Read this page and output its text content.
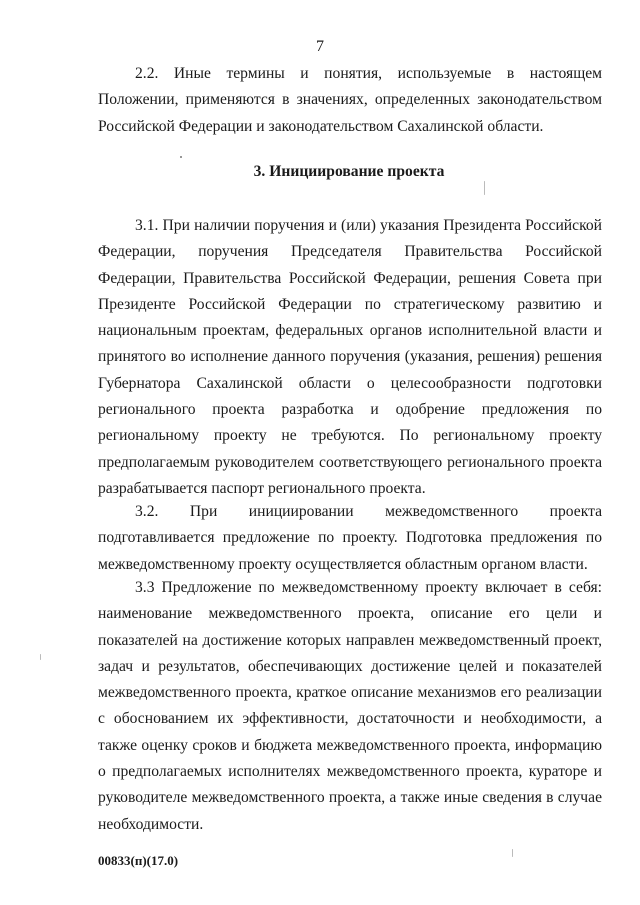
7

2.2. Иные термины и понятия, используемые в настоящем Положении, применяются в значениях, определенных законодательством Российской Федерации и законодательством Сахалинской области.

3. Инициирование проекта

3.1. При наличии поручения и (или) указания Президента Российской Федерации, поручения Председателя Правительства Российской Федерации, Правительства Российской Федерации, решения Совета при Президенте Российской Федерации по стратегическому развитию и национальным проектам, федеральных органов исполнительной власти и принятого во исполнение данного поручения (указания, решения) решения Губернатора Сахалинской области о целесообразности подготовки регионального проекта разработка и одобрение предложения по региональному проекту не требуются. По региональному проекту предполагаемым руководителем соответствующего регионального проекта разрабатывается паспорт регионального проекта.

3.2. При инициировании межведомственного проекта подготавливается предложение по проекту. Подготовка предложения по межведомственному проекту осуществляется областным органом власти.

3.3 Предложение по межведомственному проекту включает в себя: наименование межведомственного проекта, описание его цели и показателей на достижение которых направлен межведомственный проект, задач и результатов, обеспечивающих достижение целей и показателей межведомственного проекта, краткое описание механизмов его реализации с обоснованием их эффективности, достаточности и необходимости, а также оценку сроков и бюджета межведомственного проекта, информацию о предполагаемых исполнителях межведомственного проекта, кураторе и руководителе межведомственного проекта, а также иные сведения в случае необходимости.

00833(п)(17.0)
